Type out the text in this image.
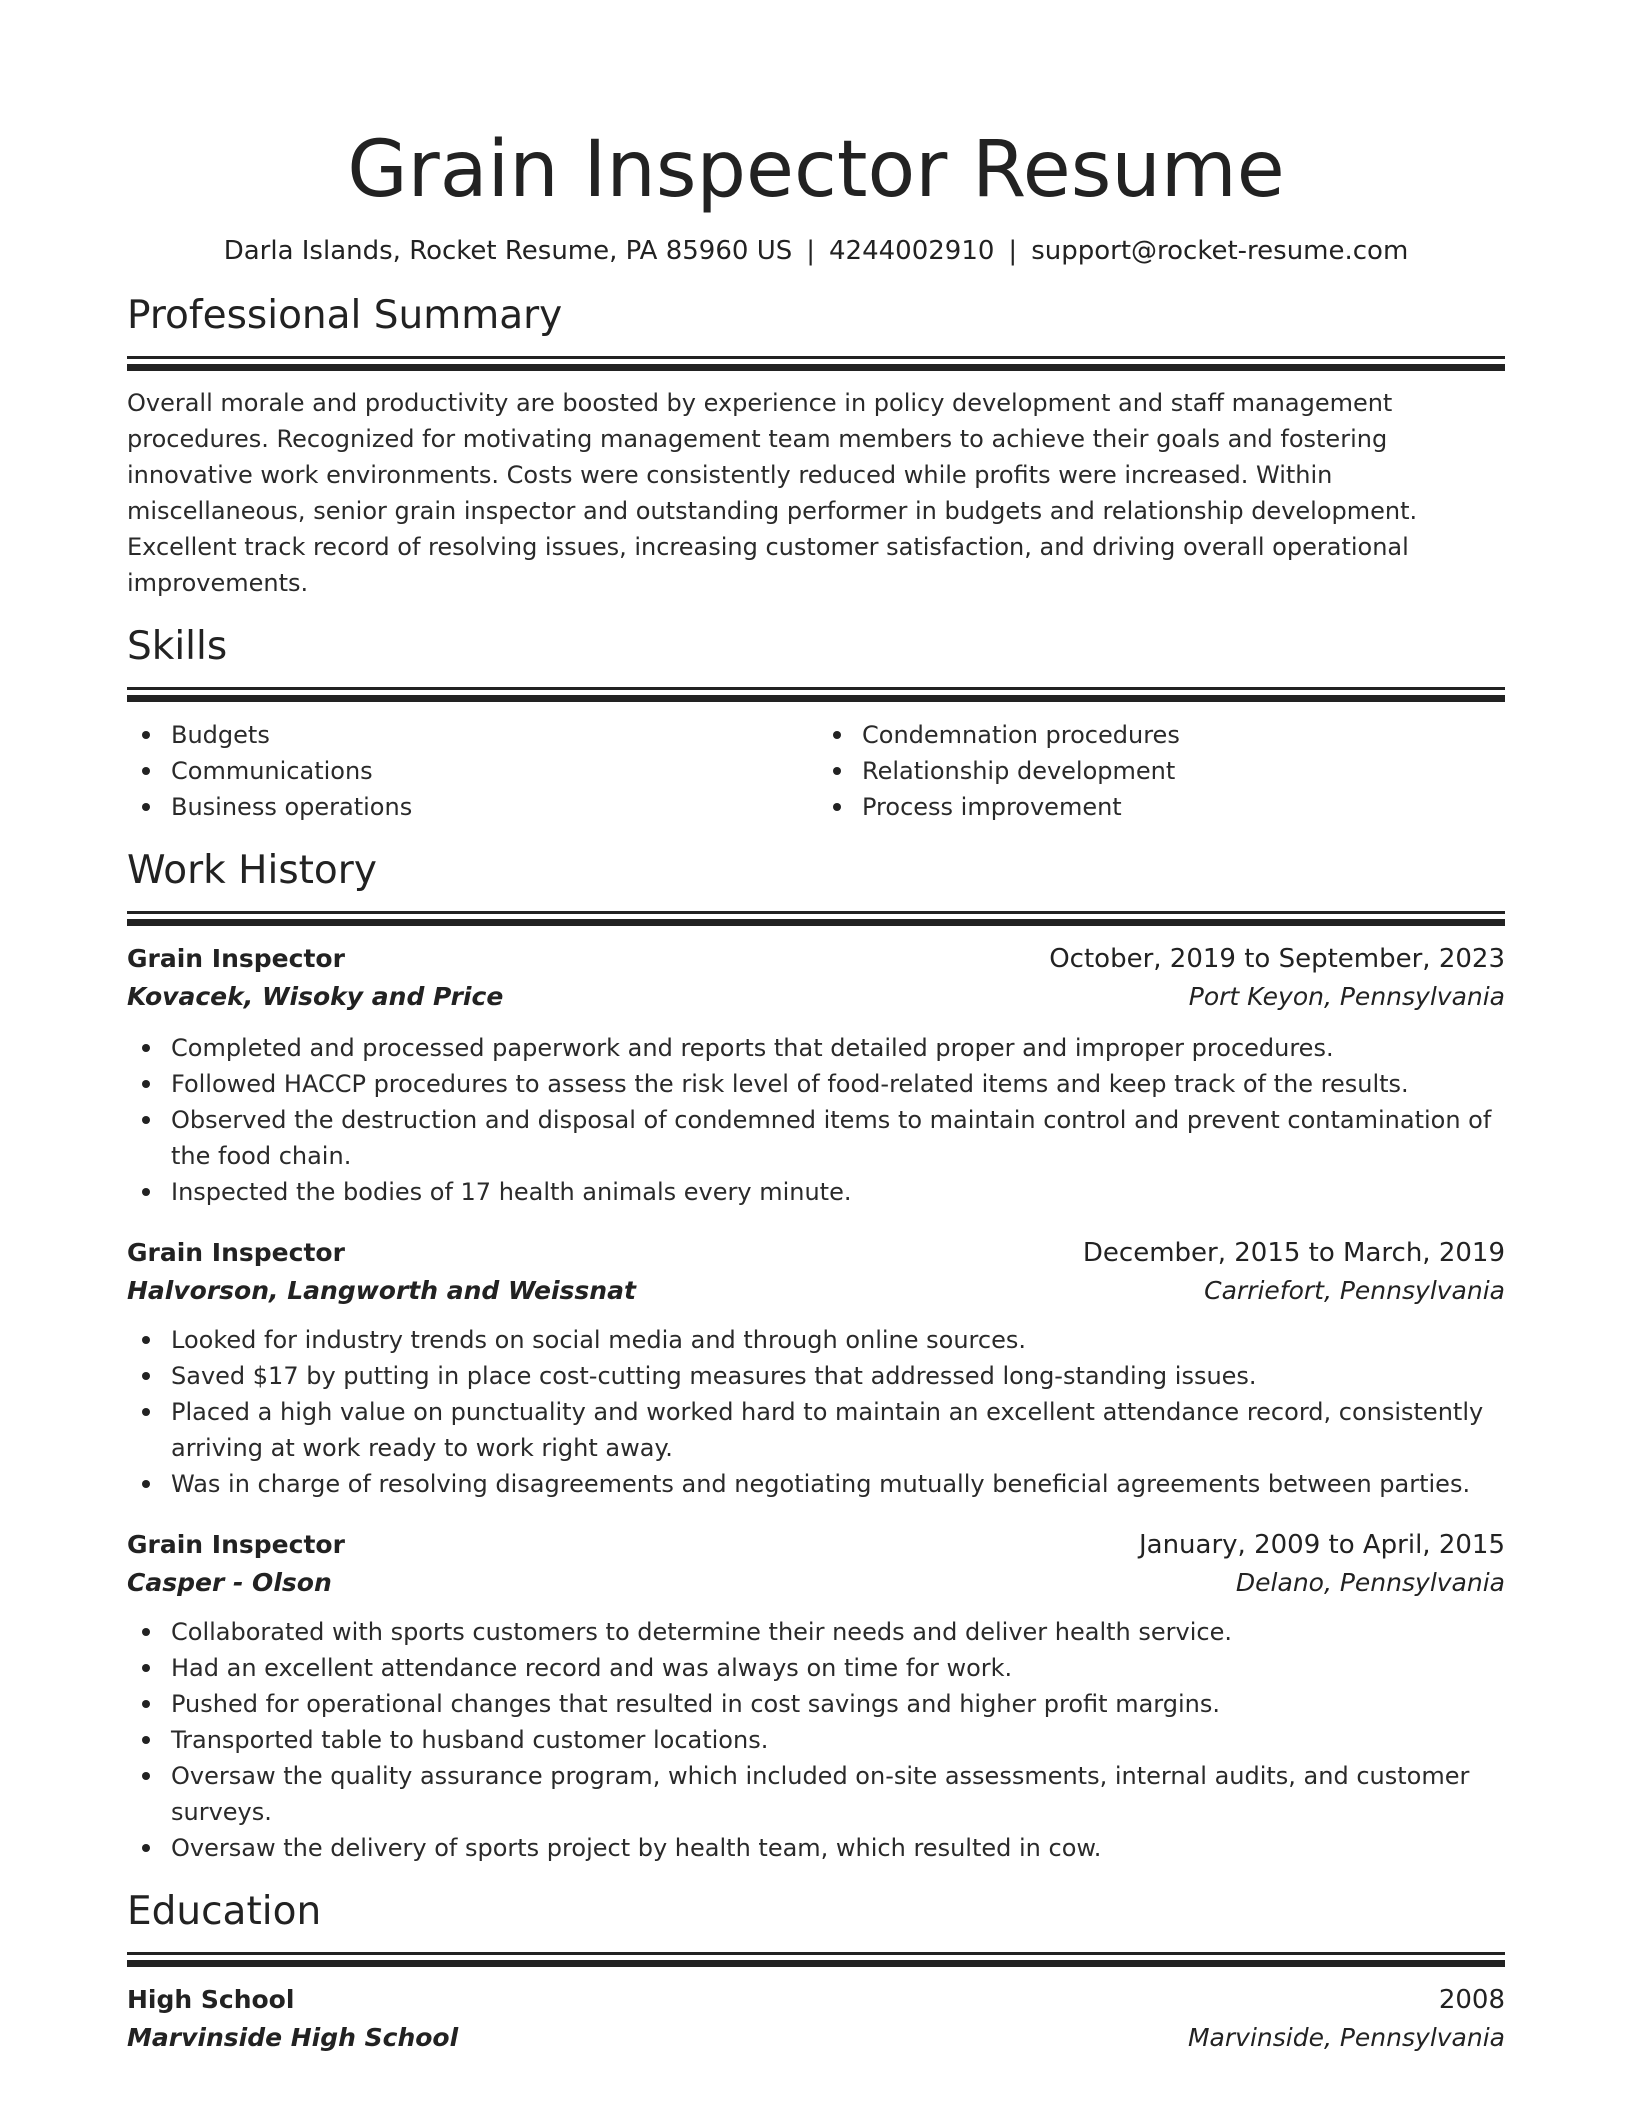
Grain Inspector Resume
Darla Islands, Rocket Resume, PA 85960 US | 4244002910 | support@rocket-resume.com
Professional Summary

Overall morale and productivity are boosted by experience in policy development and staff management procedures. Recognized for motivating management team members to achieve their goals and fostering innovative work environments. Costs were consistently reduced while profits were increased. Within miscellaneous, senior grain inspector and outstanding performer in budgets and relationship development. Excellent track record of resolving issues, increasing customer satisfaction, and driving overall operational improvements.

Skills
Budgets
Communications
Business operations
Condemnation procedures
Relationship development
Process improvement
Work History
Grain Inspector	October, 2019 to September, 2023
Kovacek, Wisoky and Price	Port Keyon, Pennsylvania
Completed and processed paperwork and reports that detailed proper and improper procedures.
Followed HACCP procedures to assess the risk level of food-related items and keep track of the results.
Observed the destruction and disposal of condemned items to maintain control and prevent contamination of the food chain.
Inspected the bodies of 17 health animals every minute.
Grain Inspector	December, 2015 to March, 2019
Halvorson, Langworth and Weissnat	Carriefort, Pennsylvania
Looked for industry trends on social media and through online sources.
Saved $17 by putting in place cost-cutting measures that addressed long-standing issues.
Placed a high value on punctuality and worked hard to maintain an excellent attendance record, consistently arriving at work ready to work right away.
Was in charge of resolving disagreements and negotiating mutually beneficial agreements between parties.
Grain Inspector	January, 2009 to April, 2015
Casper - Olson	Delano, Pennsylvania
Collaborated with sports customers to determine their needs and deliver health service.
Had an excellent attendance record and was always on time for work.
Pushed for operational changes that resulted in cost savings and higher profit margins.
Transported table to husband customer locations.
Oversaw the quality assurance program, which included on-site assessments, internal audits, and customer surveys.
Oversaw the delivery of sports project by health team, which resulted in cow.
Education
High School	2008
Marvinside High School	Marvinside, Pennsylvania
